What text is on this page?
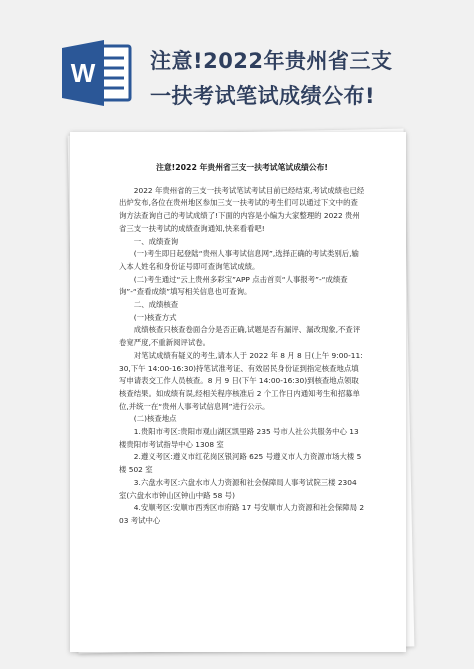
W	注意!2022年贵州省三支
一扶考试笔试成绩公布!
注意!2022 年贵州省三支一扶考试笔试成绩公布!

2022 年贵州省的三支一扶考试笔试考试目前已经结束,考试成绩也已经出炉发布,各位在贵州地区参加三支一扶考试的考生们可以通过下文中的查询方法查询自己的考试成绩了!下面的内容是小编为大家整理的 2022 贵州省三支一扶考试的成绩查询通知,快来看看吧!

一、成绩查询

(一)考生即日起登陆“贵州人事考试信息网”,选择正确的考试类别后,输入本人姓名和身份证号即可查询笔试成绩。

(二)考生通过“云上贵州多彩宝”APP 点击首页“人事报考”-“成绩查询”-“查看成绩”填写相关信息也可查询。

二、成绩核查

(一)核查方式

成绩核查只核查卷面合分是否正确,试题是否有漏评、漏改现象,不查评卷宽严度,不重新阅评试卷。

对笔试成绩有疑义的考生,请本人于 2022 年 8 月 8 日(上午 9:00-11:30,下午 14:00-16:30)持笔试准考证、有效居民身份证到指定核查地点填写申请表交工作人员核查。8 月 9 日(下午 14:00-16:30)到核查地点领取核查结果。如成绩有误,经相关程序核准后 2 个工作日内通知考生和招募单位,并统一在“贵州人事考试信息网”进行公示。

(二)核查地点

1.贵阳市考区:贵阳市观山湖区凯里路 235 号市人社公共服务中心 13 楼贵阳市考试指导中心 1308 室

2.遵义考区:遵义市红花岗区银河路 625 号遵义市人力资源市场大楼 5 楼 502 室

3.六盘水考区:六盘水市人力资源和社会保障局人事考试院三楼 2304 室(六盘水市钟山区钟山中路 58 号)

4.安顺考区:安顺市西秀区市府路 17 号安顺市人力资源和社会保障局 203 考试中心
